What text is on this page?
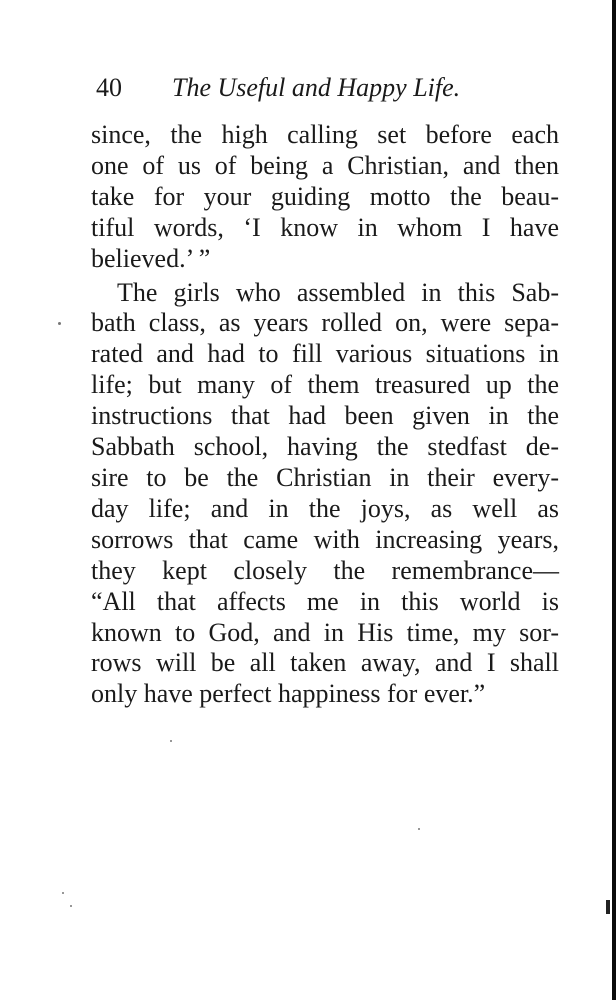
40 The Useful and Happy Life.
since, the high calling set before each
one of us of being a Christian, and then
take for your guiding motto the beau-
tiful words, ‘I know in whom I have
believed.’ ”
The girls who assembled in this Sab-
bath class, as years rolled on, were sepa-
rated and had to fill various situations in
life; but many of them treasured up the
instructions that had been given in the
Sabbath school, having the stedfast de-
sire to be the Christian in their every-
day life; and in the joys, as well as
sorrows that came with increasing years,
they kept closely the remembrance—
“All that affects me in this world is
known to God, and in His time, my sor-
rows will be all taken away, and I shall
only have perfect happiness for ever.”
